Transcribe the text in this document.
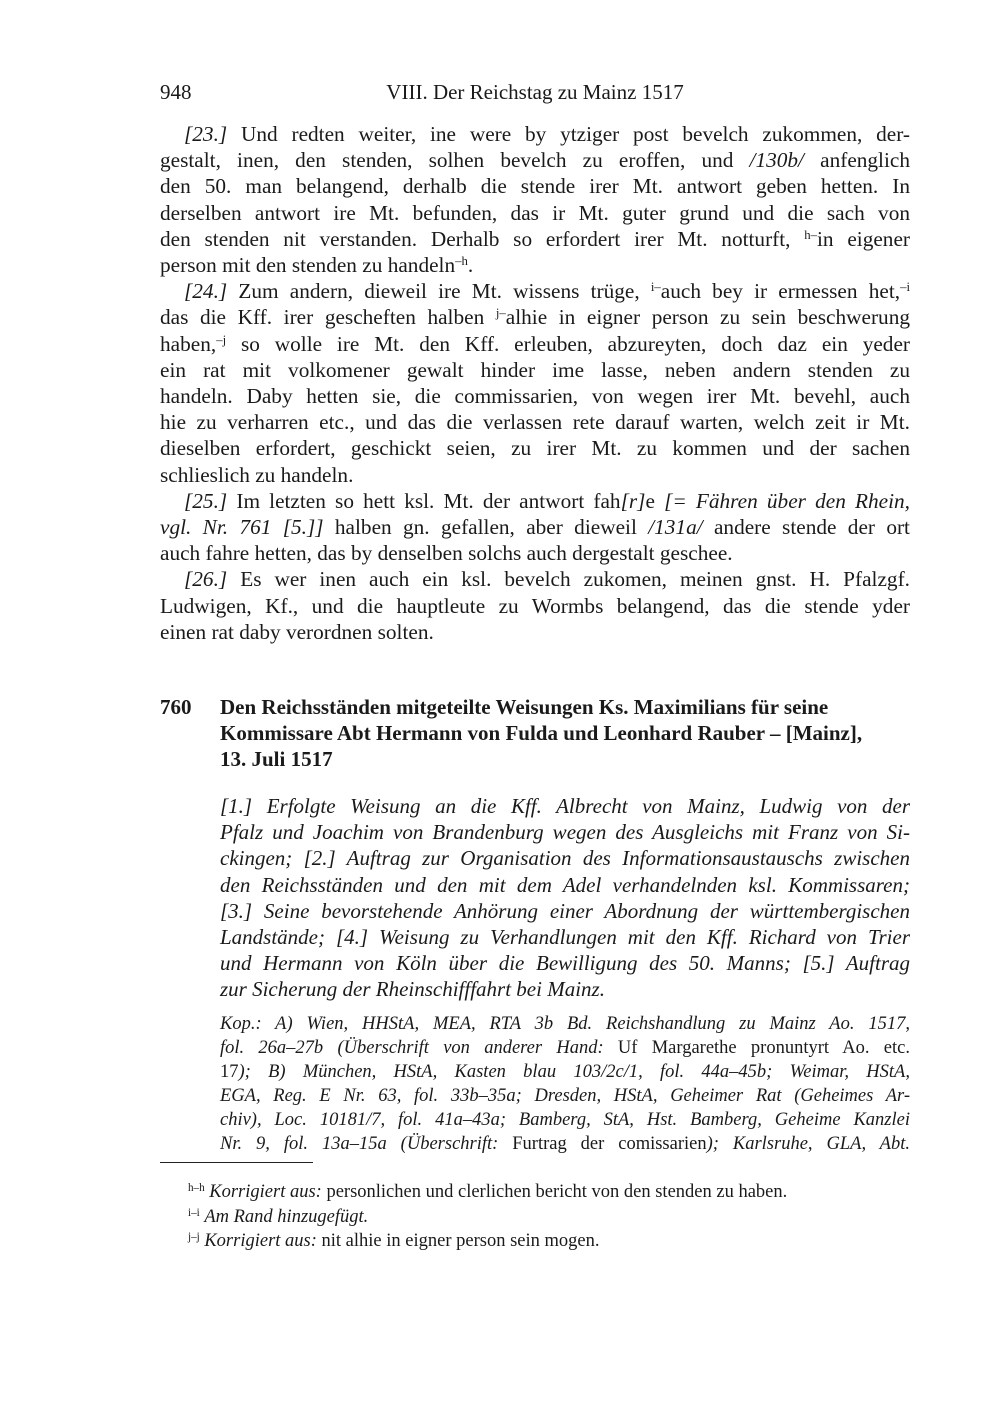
948	VIII. Der Reichstag zu Mainz 1517
[23.] Und redten weiter, ine were by ytziger post bevelch zukommen, der-
gestalt, inen, den stenden, solhen bevelch zu eroffen, und /130b/ anfenglich
den 50. man belangend, derhalb die stende irer Mt. antwort geben hetten. In
derselben antwort ire Mt. befunden, das ir Mt. guter grund und die sach von
den stenden nit verstanden. Derhalb so erfordert irer Mt. notturft, $^{h-}$in eigener
person mit den stenden zu handeln$^{-h}$.
[24.] Zum andern, dieweil ire Mt. wissens trüge, $^{i-}$auch bey ir ermessen het,$^{-i}$
das die Kff. irer gescheften halben $^{j-}$alhie in eigner person zu sein beschwerung
haben,$^{-j}$ so wolle ire Mt. den Kff. erleuben, abzureyten, doch daz ein yeder
ein rat mit volkomener gewalt hinder ime lasse, neben andern stenden zu
handeln. Daby hetten sie, die commissarien, von wegen irer Mt. bevehl, auch
hie zu verharren etc., und das die verlassen rete darauf warten, welch zeit ir Mt.
dieselben erfordert, geschickt seien, zu irer Mt. zu kommen und der sachen
schlieslich zu handeln.
[25.] Im letzten so hett ksl. Mt. der antwort fah[r]e [= Fähren über den Rhein,
vgl. Nr. 761 [5.]] halben gn. gefallen, aber dieweil /131a/ andere stende der ort
auch fahre hetten, das by denselben solchs auch dergestalt geschee.
[26.] Es wer inen auch ein ksl. bevelch zukomen, meinen gnst. H. Pfalzgf.
Ludwigen, Kf., und die hauptleute zu Wormbs belangend, das die stende yder
einen rat daby verordnen solten.
760 Den Reichsständen mitgeteilte Weisungen Ks. Maximilians für seine
Kommissare Abt Hermann von Fulda und Leonhard Rauber – [Mainz],
13. Juli 1517
[1.] Erfolgte Weisung an die Kff. Albrecht von Mainz, Ludwig von der
Pfalz und Joachim von Brandenburg wegen des Ausgleichs mit Franz von Si-
ckingen; [2.] Auftrag zur Organisation des Informationsaustauschs zwischen
den Reichsständen und den mit dem Adel verhandelnden ksl. Kommissaren;
[3.] Seine bevorstehende Anhörung einer Abordnung der württembergischen
Landstände; [4.] Weisung zu Verhandlungen mit den Kff. Richard von Trier
und Hermann von Köln über die Bewilligung des 50. Manns; [5.] Auftrag
zur Sicherung der Rheinschifffahrt bei Mainz.
Kop.: A) Wien, HHStA, MEA, RTA 3b Bd. Reichshandlung zu Mainz Ao. 1517,
fol. 26a–27b (Überschrift von anderer Hand: Uf Margarethe pronuntyrt Ao. etc.
17); B) München, HStA, Kasten blau 103/2c/1, fol. 44a–45b; Weimar, HStA,
EGA, Reg. E Nr. 63, fol. 33b–35a; Dresden, HStA, Geheimer Rat (Geheimes Ar-
chiv), Loc. 10181/7, fol. 41a–43a; Bamberg, StA, Hst. Bamberg, Geheime Kanzlei
Nr. 9, fol. 13a–15a (Überschrift: Furtrag der comissarien); Karlsruhe, GLA, Abt.
$^{h-h}$ Korrigiert aus: personlichen und clerlichen bericht von den stenden zu haben.
$^{i-i}$ Am Rand hinzugefügt.
$^{j-j}$ Korrigiert aus: nit alhie in eigner person sein mogen.
